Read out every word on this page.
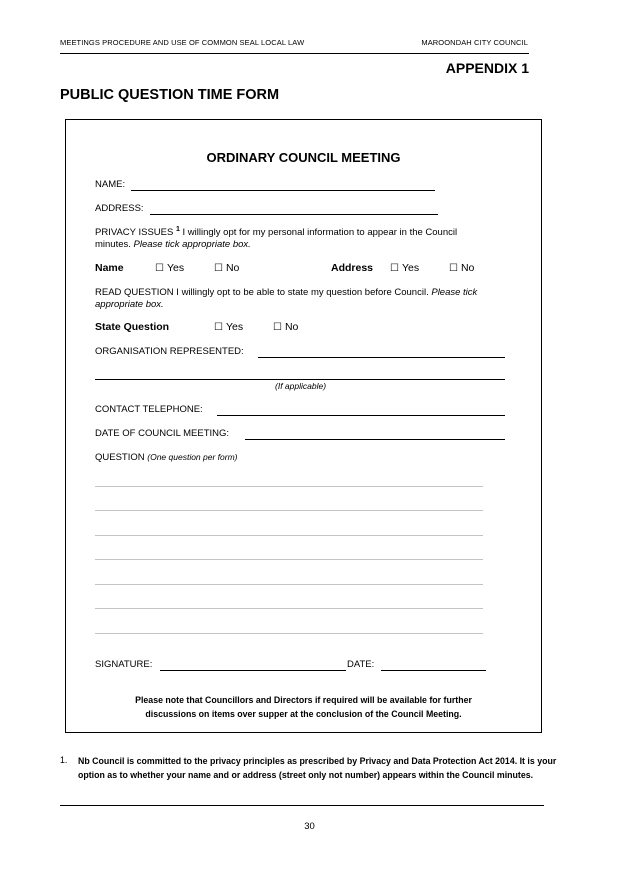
MEETINGS PROCEDURE AND USE OF COMMON SEAL LOCAL LAW	MAROONDAH CITY COUNCIL
APPENDIX 1
PUBLIC QUESTION TIME FORM
ORDINARY COUNCIL MEETING
NAME:
ADDRESS:
PRIVACY ISSUES $^1$ I willingly opt for my personal information to appear in the Council
minutes. Please tick appropriate box.
Name	☐ Yes	☐ No	Address ☐ Yes	☐ No
READ QUESTION I willingly opt to be able to state my question before Council. Please tick
appropriate box.
State Question	☐ Yes	☐ No
ORGANISATION REPRESENTED:
(If applicable)
CONTACT TELEPHONE:
DATE OF COUNCIL MEETING:
QUESTION (One question per form)
SIGNATURE:	DATE:
Please note that Councillors and Directors if required will be available for further
discussions on items over supper at the conclusion of the Council Meeting.
1. Nb Council is committed to the privacy principles as prescribed by Privacy and Data Protection Act 2014. It is your option as to whether your name and or address (street only not number) appears within the Council minutes.
30
